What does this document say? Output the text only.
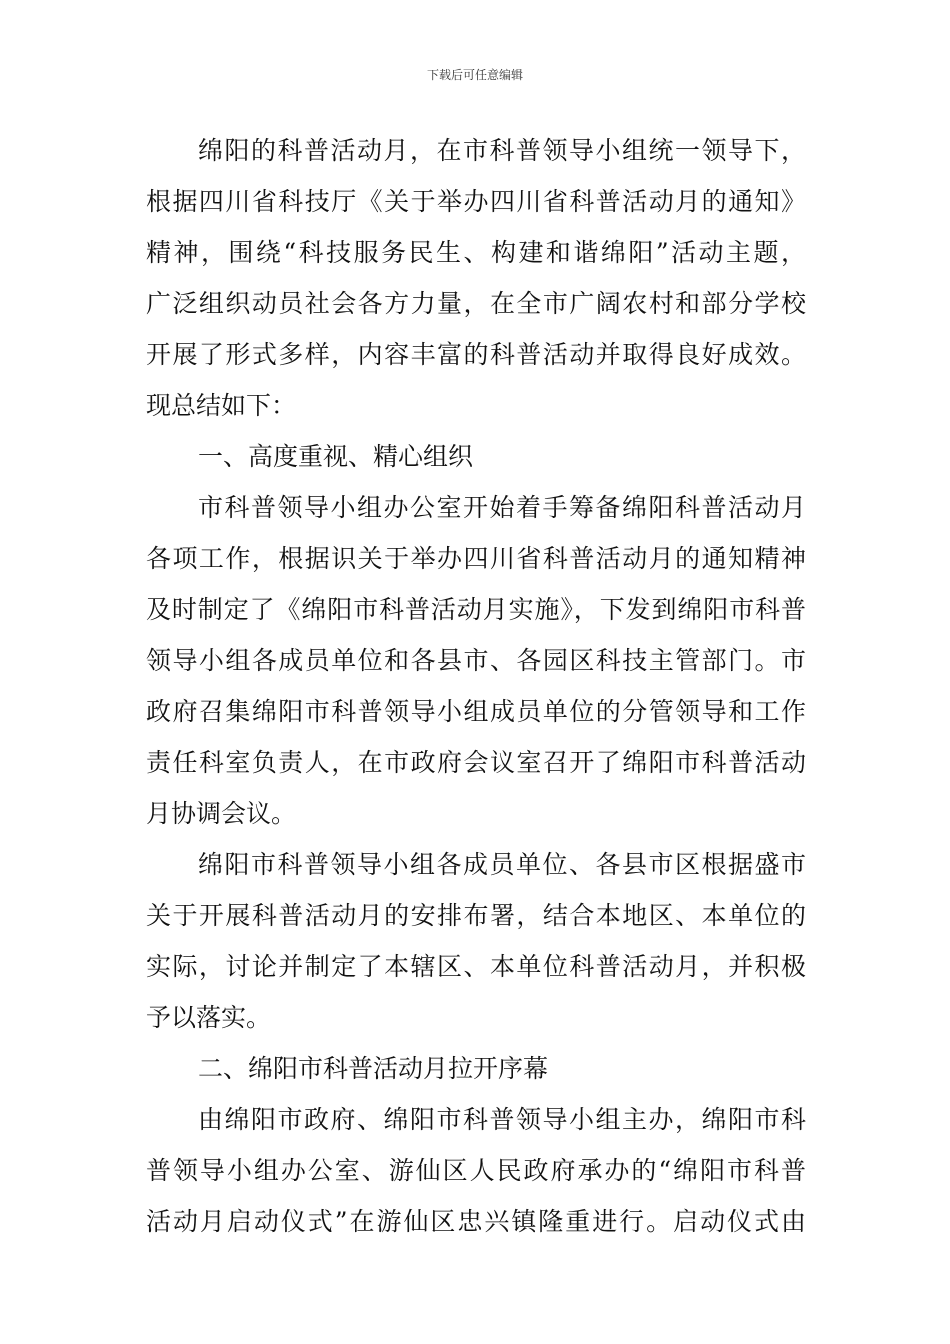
下载后可任意编辑
绵阳的科普活动月，在市科普领导小组统一领导下，
根据四川省科技厅《关于举办四川省科普活动月的通知》
精神，围绕“科技服务民生、构建和谐绵阳”活动主题，
广泛组织动员社会各方力量，在全市广阔农村和部分学校
开展了形式多样，内容丰富的科普活动并取得良好成效。
现总结如下：
一、高度重视、精心组织
市科普领导小组办公室开始着手筹备绵阳科普活动月
各项工作，根据识关于举办四川省科普活动月的通知精神
及时制定了《绵阳市科普活动月实施》，下发到绵阳市科普
领导小组各成员单位和各县市、各园区科技主管部门。市
政府召集绵阳市科普领导小组成员单位的分管领导和工作
责任科室负责人，在市政府会议室召开了绵阳市科普活动
月协调会议。
绵阳市科普领导小组各成员单位、各县市区根据盛市
关于开展科普活动月的安排布署，结合本地区、本单位的
实际，讨论并制定了本辖区、本单位科普活动月，并积极
予以落实。
二、绵阳市科普活动月拉开序幕
由绵阳市政府、绵阳市科普领导小组主办，绵阳市科
普领导小组办公室、游仙区人民政府承办的“绵阳市科普
活动月启动仪式”在游仙区忠兴镇隆重进行。启动仪式由
